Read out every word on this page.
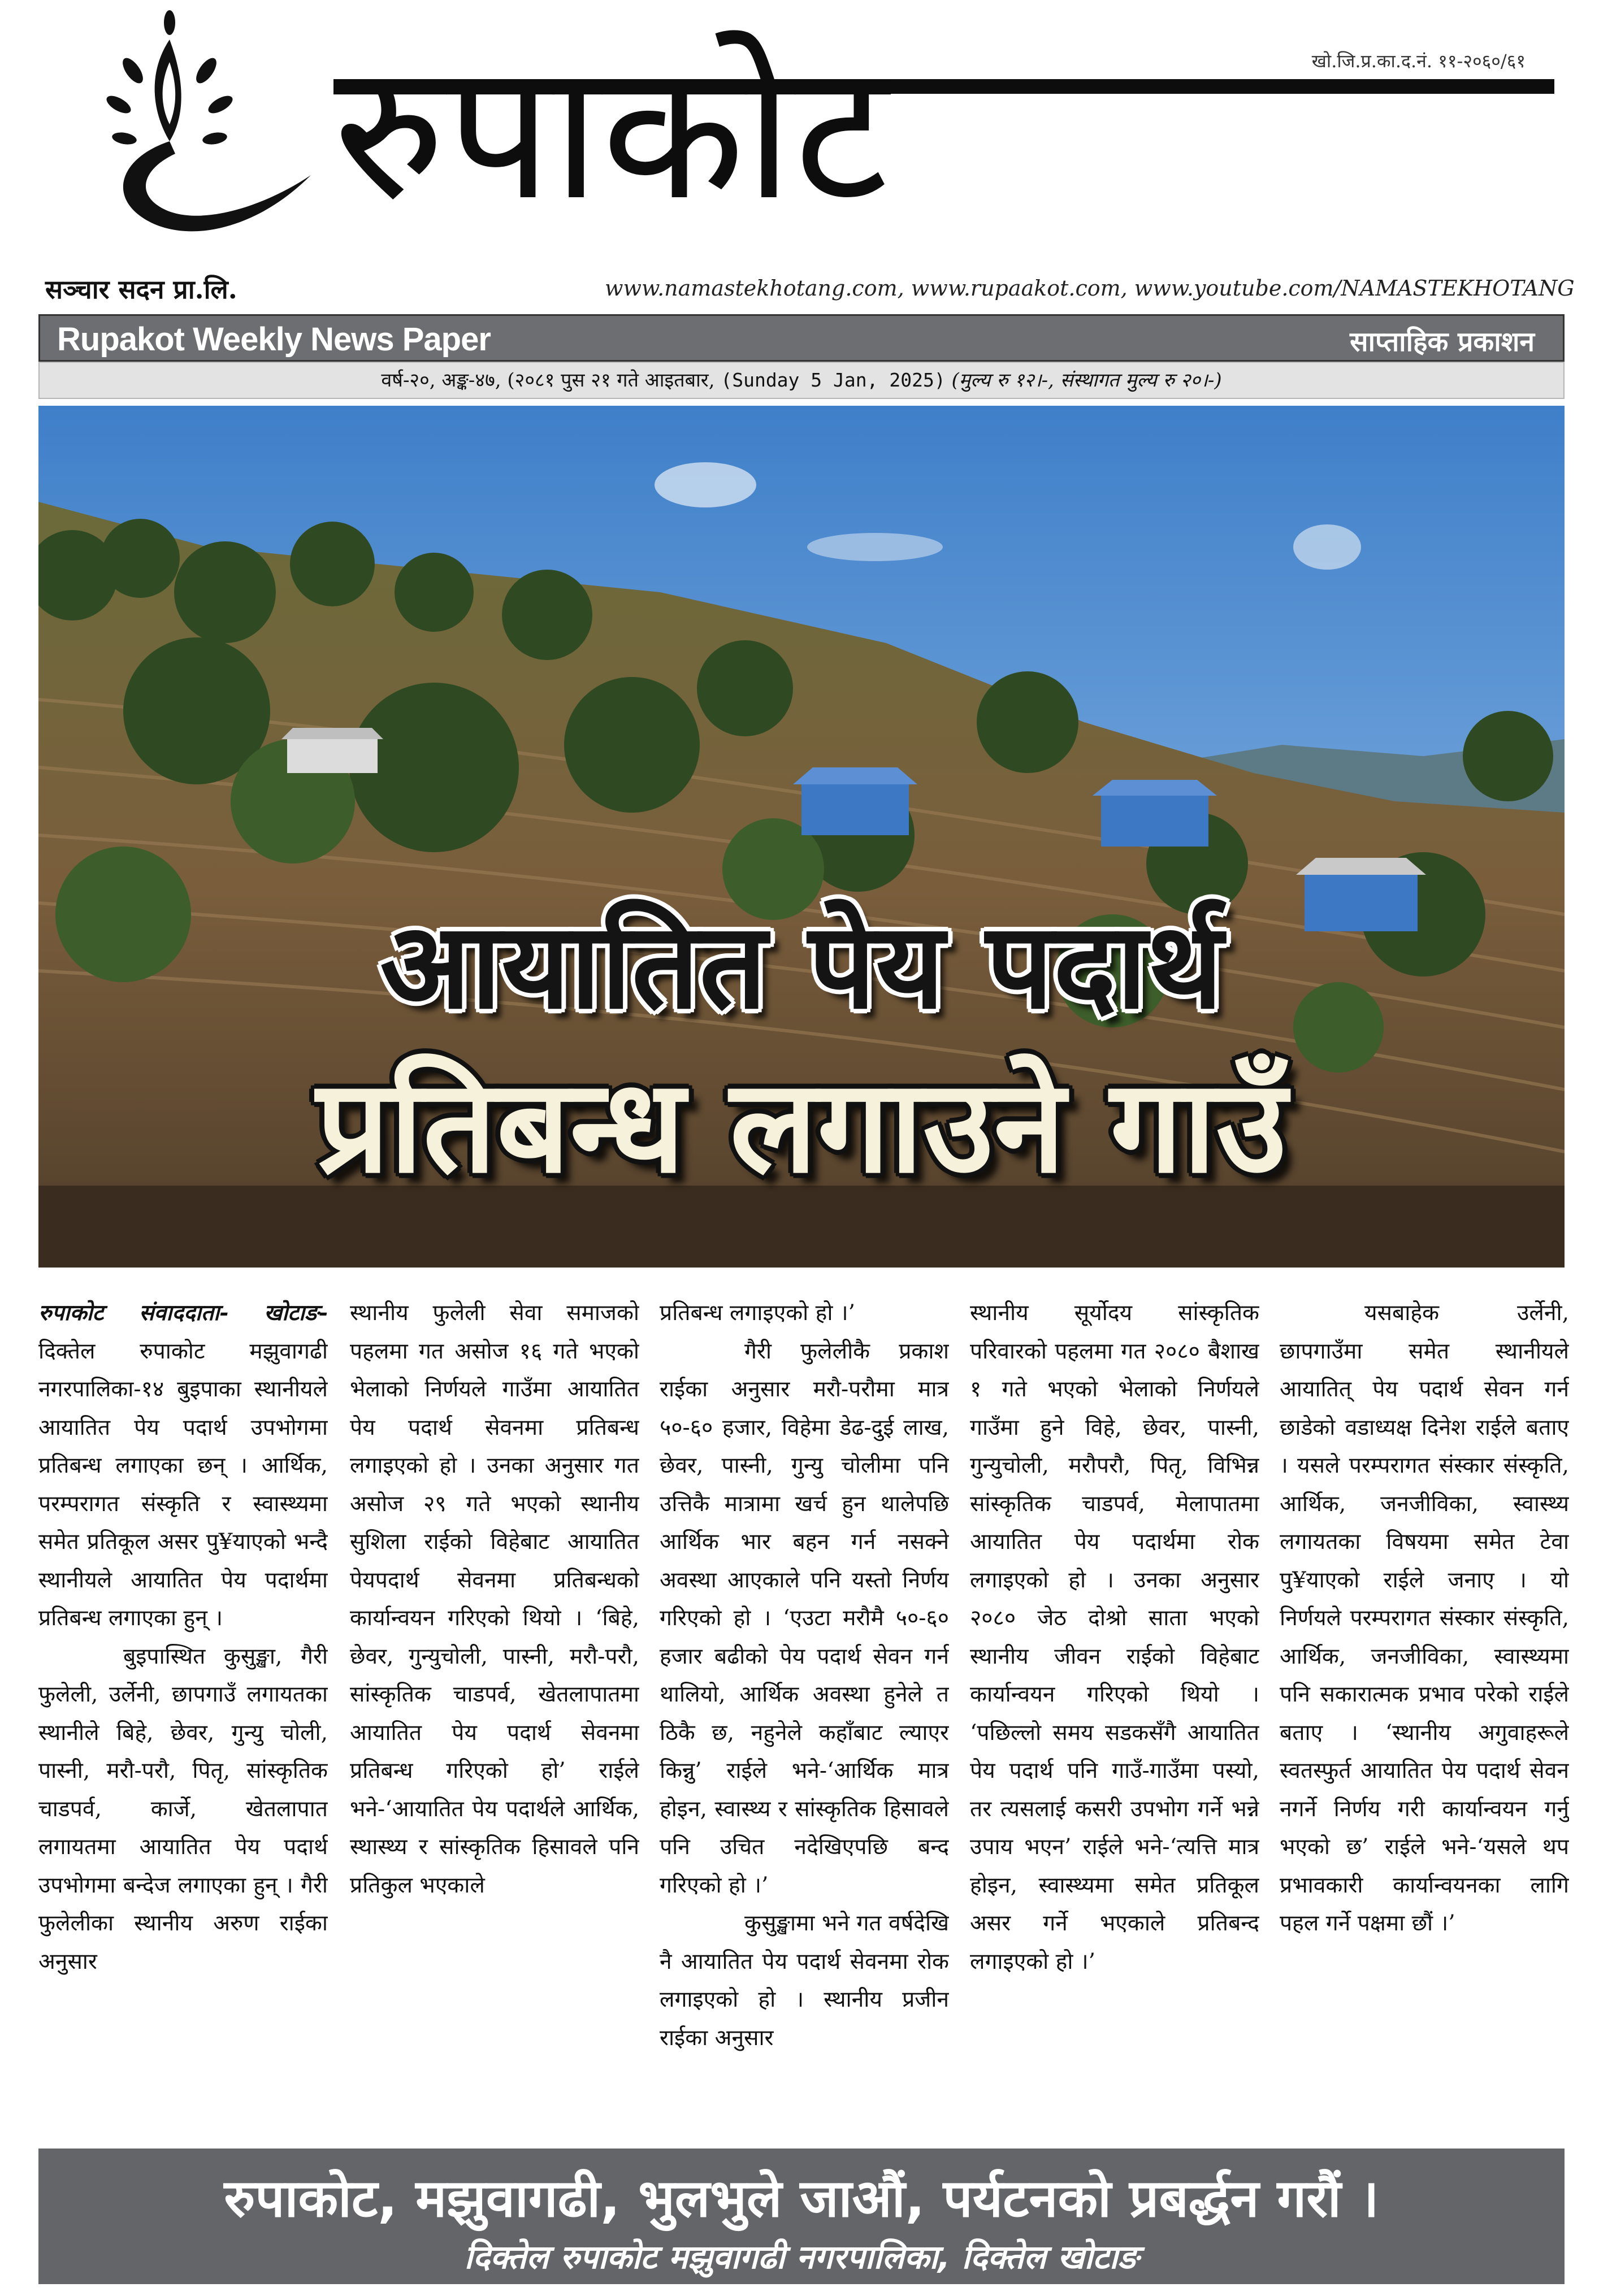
सञ्चार सदन प्रा.लि.
रुपाकोट	खो.जि.प्र.का.द.नं. ११-२०६०/६१
www.namastekhotang.com, www.rupaakot.com, www.youtube.com/NAMASTEKHOTANG
Rupakot Weekly News Paper	साप्ताहिक प्रकाशन
वर्ष-२०, अङ्क-४७, (२०८१ पुस २१ गते आइतबार, (Sunday 5 Jan, 2025) (मुल्य रु १२।-, संस्थागत मुल्य रु २०।-)
आयातित पेय पदार्थ
प्रतिबन्ध लगाउने गाउँ

रुपाकोट संवाददाता- खोटाङ-दिक्तेल रुपाकोट मझुवागढी नगरपालिका-१४ बुइपाका स्थानीयले आयातित पेय पदार्थ उपभोगमा प्रतिबन्ध लगाएका छन् । आर्थिक, परम्परागत संस्कृति र स्वास्थ्यमा समेत प्रतिकूल असर पु¥याएको भन्दै स्थानीयले आयातित पेय पदार्थमा प्रतिबन्ध लगाएका हुन् ।

बुइपास्थित कुसुङ्खा, गैरी फुलेली, उर्लेनी, छापगाउँ लगायतका स्थानीले बिहे, छेवर, गुन्यु चोली, पास्नी, मरौ-परौ, पितृ, सांस्कृतिक चाडपर्व, कार्जे, खेतलापात लगायतमा आयातित पेय पदार्थ उपभोगमा बन्देज लगाएका हुन् । गैरी फुलेलीका स्थानीय अरुण राईका अनुसार

स्थानीय फुलेली सेवा समाजको पहलमा गत असोज १६ गते भएको भेलाको निर्णयले गाउँमा आयातित पेय पदार्थ सेवनमा प्रतिबन्ध लगाइएको हो । उनका अनुसार गत असोज २९ गते भएको स्थानीय सुशिला राईको विहेबाट आयातित पेयपदार्थ सेवनमा प्रतिबन्धको कार्यान्वयन गरिएको थियो । ‘बिहे, छेवर, गुन्युचोली, पास्नी, मरौ-परौ, सांस्कृतिक चाडपर्व, खेतलापातमा आयातित पेय पदार्थ सेवनमा प्रतिबन्ध गरिएको हो’ राईले भने-‘आयातित पेय पदार्थले आर्थिक, स्थास्थ्य र सांस्कृतिक हिसावले पनि प्रतिकुल भएकाले

प्रतिबन्ध लगाइएको हो ।’

गैरी फुलेलीकै प्रकाश राईका अनुसार मरौ-परौमा मात्र ५०-६० हजार, विहेमा डेढ-दुई लाख, छेवर, पास्नी, गुन्यु चोलीमा पनि उत्तिकै मात्रामा खर्च हुन थालेपछि आर्थिक भार बहन गर्न नसक्ने अवस्था आएकाले पनि यस्तो निर्णय गरिएको हो । ‘एउटा मरौमै ५०-६० हजार बढीको पेय पदार्थ सेवन गर्न थालियो, आर्थिक अवस्था हुनेले त ठिकै छ, नहुनेले कहाँबाट ल्याएर किन्नु’ राईले भने-‘आर्थिक मात्र होइन, स्वास्थ्य र सांस्कृतिक हिसावले पनि उचित नदेखिएपछि बन्द गरिएको हो ।’

कुसुङ्खामा भने गत वर्षदेखि नै आयातित पेय पदार्थ सेवनमा रोक लगाइएको हो । स्थानीय प्रजीन राईका अनुसार

स्थानीय सूर्योदय सांस्कृतिक परिवारको पहलमा गत २०८० बैशाख १ गते भएको भेलाको निर्णयले गाउँमा हुने विहे, छेवर, पास्नी, गुन्युचोली, मरौपरौ, पितृ, विभिन्न सांस्कृतिक चाडपर्व, मेलापातमा आयातित पेय पदार्थमा रोक लगाइएको हो । उनका अनुसार २०८० जेठ दोश्रो साता भएको स्थानीय जीवन राईको विहेबाट कार्यान्वयन गरिएको थियो । ‘पछिल्लो समय सडकसँगै आयातित पेय पदार्थ पनि गाउँ-गाउँमा पस्यो, तर त्यसलाई कसरी उपभोग गर्ने भन्ने उपाय भएन’ राईले भने-‘त्यत्ति मात्र होइन, स्वास्थ्यमा समेत प्रतिकूल असर गर्ने भएकाले प्रतिबन्द लगाइएको हो ।’

यसबाहेक उर्लेनी, छापगाउँमा समेत स्थानीयले आयातित् पेय पदार्थ सेवन गर्न छाडेको वडाध्यक्ष दिनेश राईले बताए । यसले परम्परागत संस्कार संस्कृति, आर्थिक, जनजीविका, स्वास्थ्य लगायतका विषयमा समेत टेवा पु¥याएको राईले जनाए । यो निर्णयले परम्परागत संस्कार संस्कृति, आर्थिक, जनजीविका, स्वास्थ्यमा पनि सकारात्मक प्रभाव परेको राईले बताए । ‘स्थानीय अगुवाहरूले स्वतस्फुर्त आयातित पेय पदार्थ सेवन नगर्ने निर्णय गरी कार्यान्वयन गर्नु भएको छ’ राईले भने-‘यसले थप प्रभावकारी कार्यान्वयनका लागि पहल गर्ने पक्षमा छौं ।’

रुपाकोट, मझुवागढी, भुलभुले जाऔं, पर्यटनको प्रबर्द्धन गरौं ।
दिक्तेल रुपाकोट मझुवागढी नगरपालिका, दिक्तेल खोटाङ
